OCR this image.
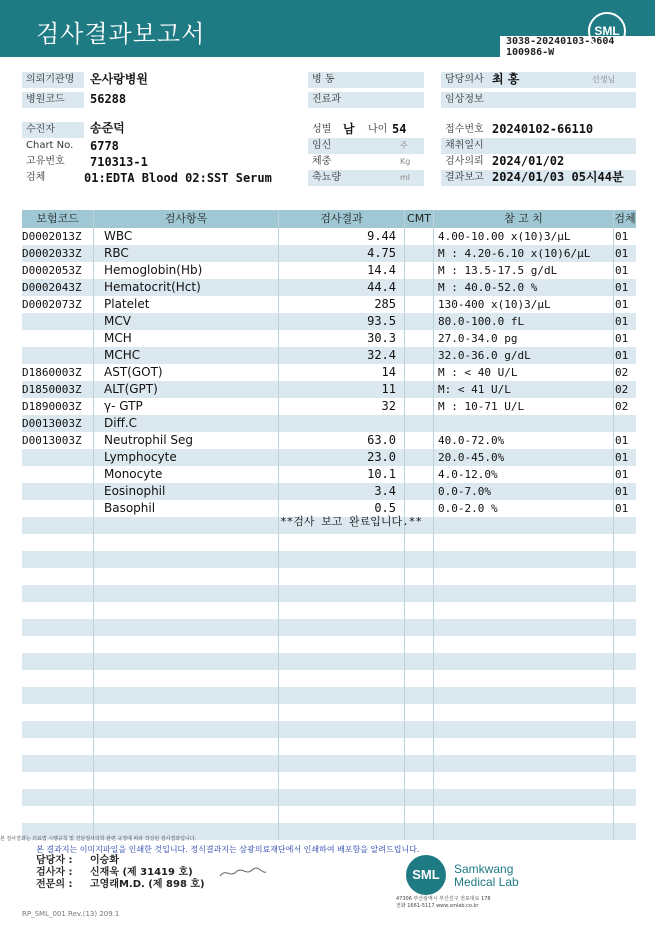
검사결과보고서	3038-20240103-0604
100986-W
SML
의뢰기관명	온사랑병원
병원코드	56288
수진자	송준덕
Chart No.	6778
고유번호	710313-1
검체	01:EDTA Blood 02:SST Serum
병 동
진료과
성별 남	나이 54
임신	주
체중	Kg
축뇨량	ml
담당의사 최 홍	선생님
임상정보
접수번호 20240102-66110
채취일시
검사의뢰 2024/01/02
결과보고 2024/01/03 05시44분
보험코드	검사항목	검사결과	CMT	참 고 치	검체
D0002013Z WBC	9.44	4.00-10.00 x(10)3/μL	01
D0002033Z RBC	4.75	M : 4.20-6.10 x(10)6/μL 01
D0002053Z Hemoglobin(Hb)	14.4	M : 13.5-17.5 g/dL	01
D0002043Z Hematocrit(Hct)	44.4	M : 40.0-52.0 %	01
D0002073Z Platelet	285	130-400 x(10)3/μL	01
MCV	93.5	80.0-100.0 fL	01
MCH	30.3	27.0-34.0 pg	01
MCHC	32.4	32.0-36.0 g/dL	01
D1860003Z AST(GOT)	14	M : < 40 U/L	02
D1850003Z ALT(GPT)	11	M: < 41 U/L	02
D1890003Z γ- GTP	32	M : 10-71 U/L	02
D0013003Z Diff.C
D0013003Z Neutrophil Seg	63.0	40.0-72.0%	01
Lymphocyte	23.0	20.0-45.0%	01
Monocyte	10.1	4.0-12.0%	01
Eosinophil	3.4	0.0-7.0%	01
Basophil	0.5	0.0-2.0 %	01
**검사 보고 완료입니다.**
본 검사결과는 의료법 시행규칙 및 진단검사의학 관련 규정에 따라 작성된 검사결과입니다.
본 결과지는 이미지파일을 인쇄한 것입니다. 정식결과지는 삼광의료재단에서 인쇄하여 배포함을 알려드립니다.
담당자 : 이승화
검사자 : 신재욱 (제 31419 호)
전문의 : 고영래M.D. (제 898 호)
SML	Samkwang
Medical Lab
47306 부산광역시 부산진구 전포대로 178
전화 1661-5117 www.smlab.co.kr
RP_SML_001 Rev.(13) 209.1
